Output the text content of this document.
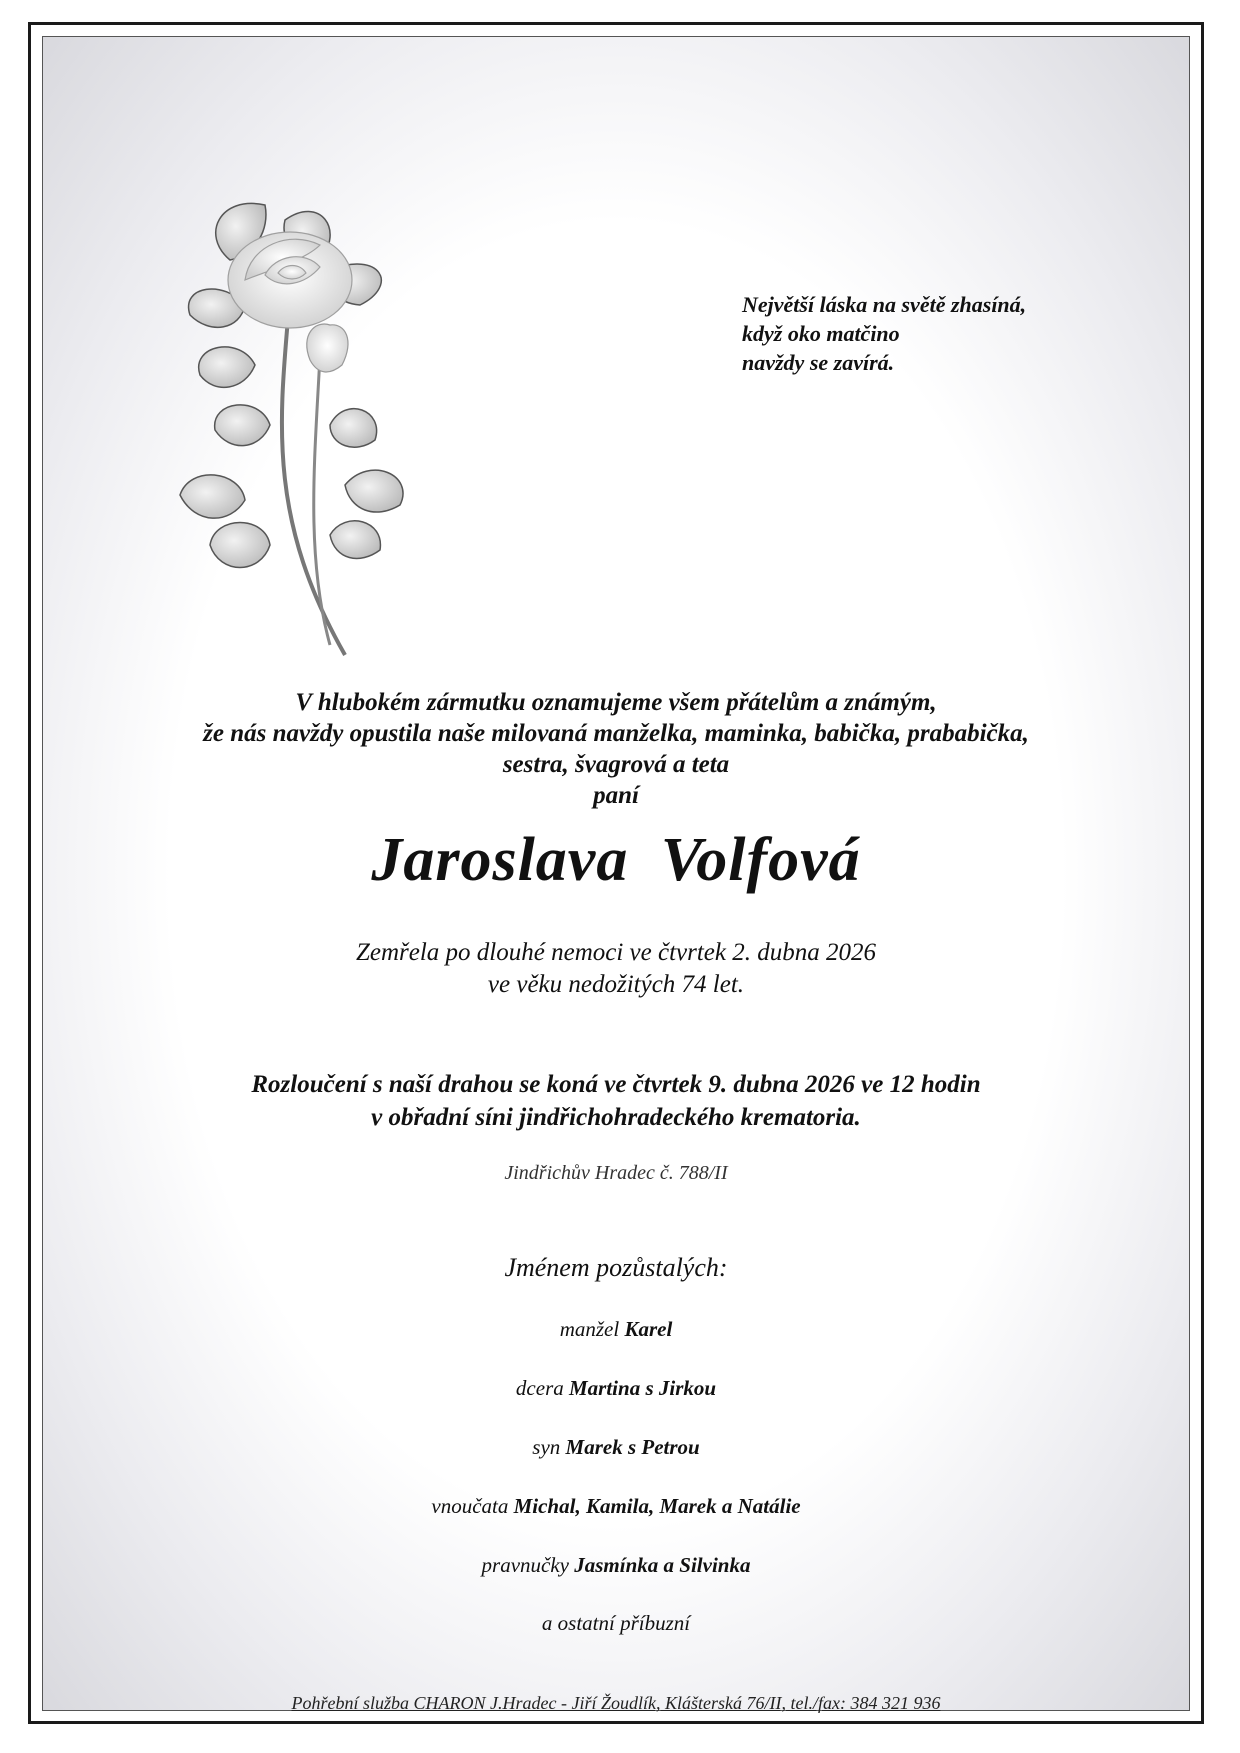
Největší láska na světě zhasíná,
když oko matčino
navždy se zavírá.
V hlubokém zármutku oznamujeme všem přátelům a známým,
že nás navždy opustila naše milovaná manželka, maminka, babička, prababička,
sestra, švagrová a teta
paní
Jaroslava Volfová
Zemřela po dlouhé nemoci ve čtvrtek 2. dubna 2026
ve věku nedožitých 74 let.
Rozloučení s naší drahou se koná ve čtvrtek 9. dubna 2026 ve 12 hodin
v obřadní síni jindřichohradeckého krematoria.
Jindřichův Hradec č. 788/II
Jménem pozůstalých:
manžel Karel
dcera Martina s Jirkou
syn Marek s Petrou
vnoučata Michal, Kamila, Marek a Natálie
pravnučky Jasmínka a Silvinka
a ostatní příbuzní
Pohřební služba CHARON J.Hradec - Jiří Žoudlík, Klášterská 76/II, tel./fax: 384 321 936
